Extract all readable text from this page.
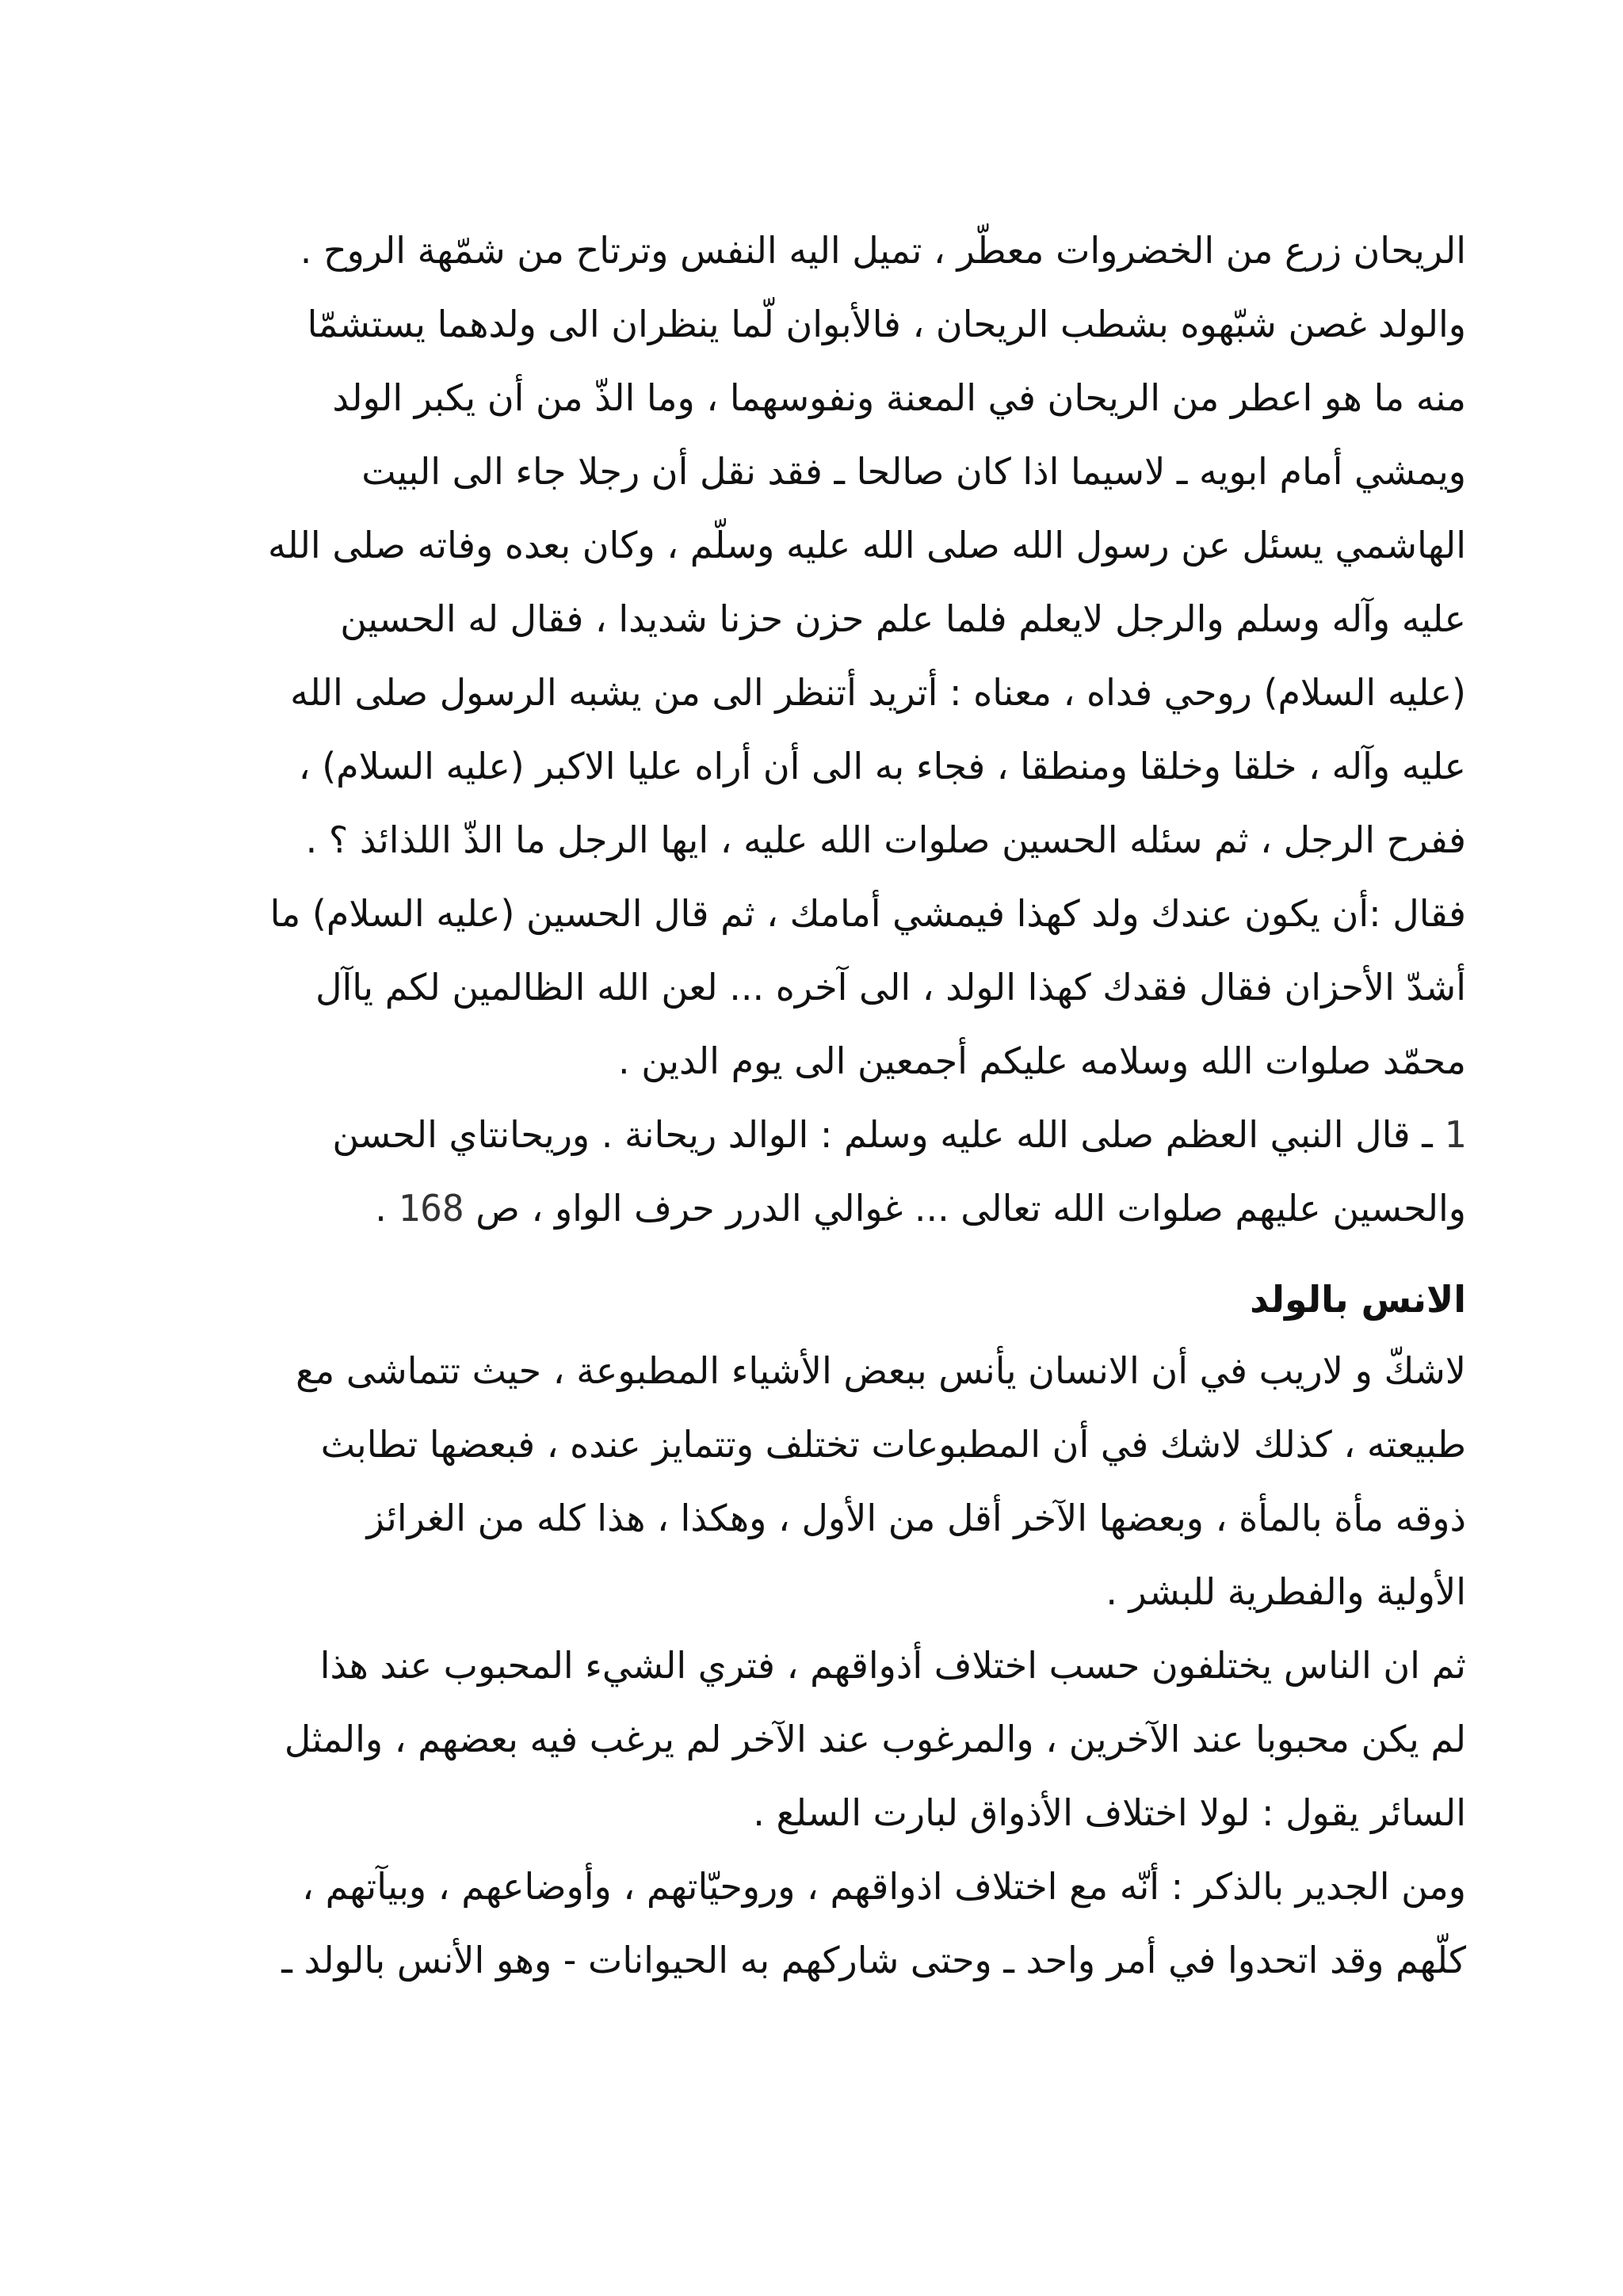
الريحان زرع من الخضروات معطّر ، تميل اليه النفس وترتاح من شمّهة الروح .

والولد غصن شبّهوه بشطب الريحان ، فالأبوان لّما ينظران الى ولدهما يستشمّا

منه ما هو اعطر من الريحان في المعنة ونفوسهما ، وما الذّ من أن يكبر الولد

ويمشي أمام ابويه ـ لاسيما اذا كان صالحا ـ فقد نقل أن رجلا جاء الى البيت

الهاشمي يسئل عن رسول الله صلى الله عليه وسلّم ، وكان بعده وفاته صلى الله

عليه وآله وسلم والرجل لايعلم فلما علم حزن حزنا شديدا ، فقال له الحسين

(عليه السلام) روحي فداه ، معناه : أتريد أتنظر الى من يشبه الرسول صلى الله

عليه وآله ، خلقا وخلقا ومنطقا ، فجاء به الى أن أراه عليا الاكبر (عليه السلام) ،

ففرح الرجل ، ثم سئله الحسين صلوات الله عليه ، ايها الرجل ما الذّ اللذائذ ؟ .

فقال :أن يكون عندك ولد كهذا فيمشي أمامك ، ثم قال الحسين (عليه السلام) ما

أشدّ الأحزان فقال فقدك كهذا الولد ، الى آخره ... لعن الله الظالمين لكم ياآل

محمّد صلوات الله وسلامه عليكم أجمعين الى يوم الدين .

1 ـ قال النبي العظم صلى الله عليه وسلم : الوالد ريحانة . وريحانتاي الحسن

والحسين عليهم صلوات الله تعالى ... غوالي الدرر حرف الواو ، ص 168 .

الانس بالولد

لاشكّ و لاريب في أن الانسان يأنس ببعض الأشياء المطبوعة ، حيث تتماشى مع

طبيعته ، كذلك لاشك في أن المطبوعات تختلف وتتمايز عنده ، فبعضها تطابث

ذوقه مأة بالمأة ، وبعضها الآخر أقل من الأول ، وهكذا ، هذا كله من الغرائز

الأولية والفطرية للبشر .

ثم ان الناس يختلفون حسب اختلاف أذواقهم ، فتري الشيء المحبوب عند هذا

لم يكن محبوبا عند الآخرين ، والمرغوب عند الآخر لم يرغب فيه بعضهم ، والمثل

السائر يقول : لولا اختلاف الأذواق لبارت السلع .

ومن الجدير بالذكر : أنّه مع اختلاف اذواقهم ، وروحيّاتهم ، وأوضاعهم ، وبيآتهم ،

كلّهم وقد اتحدوا في أمر واحد ـ وحتى شاركهم به الحيوانات - وهو الأنس بالولد ـ
